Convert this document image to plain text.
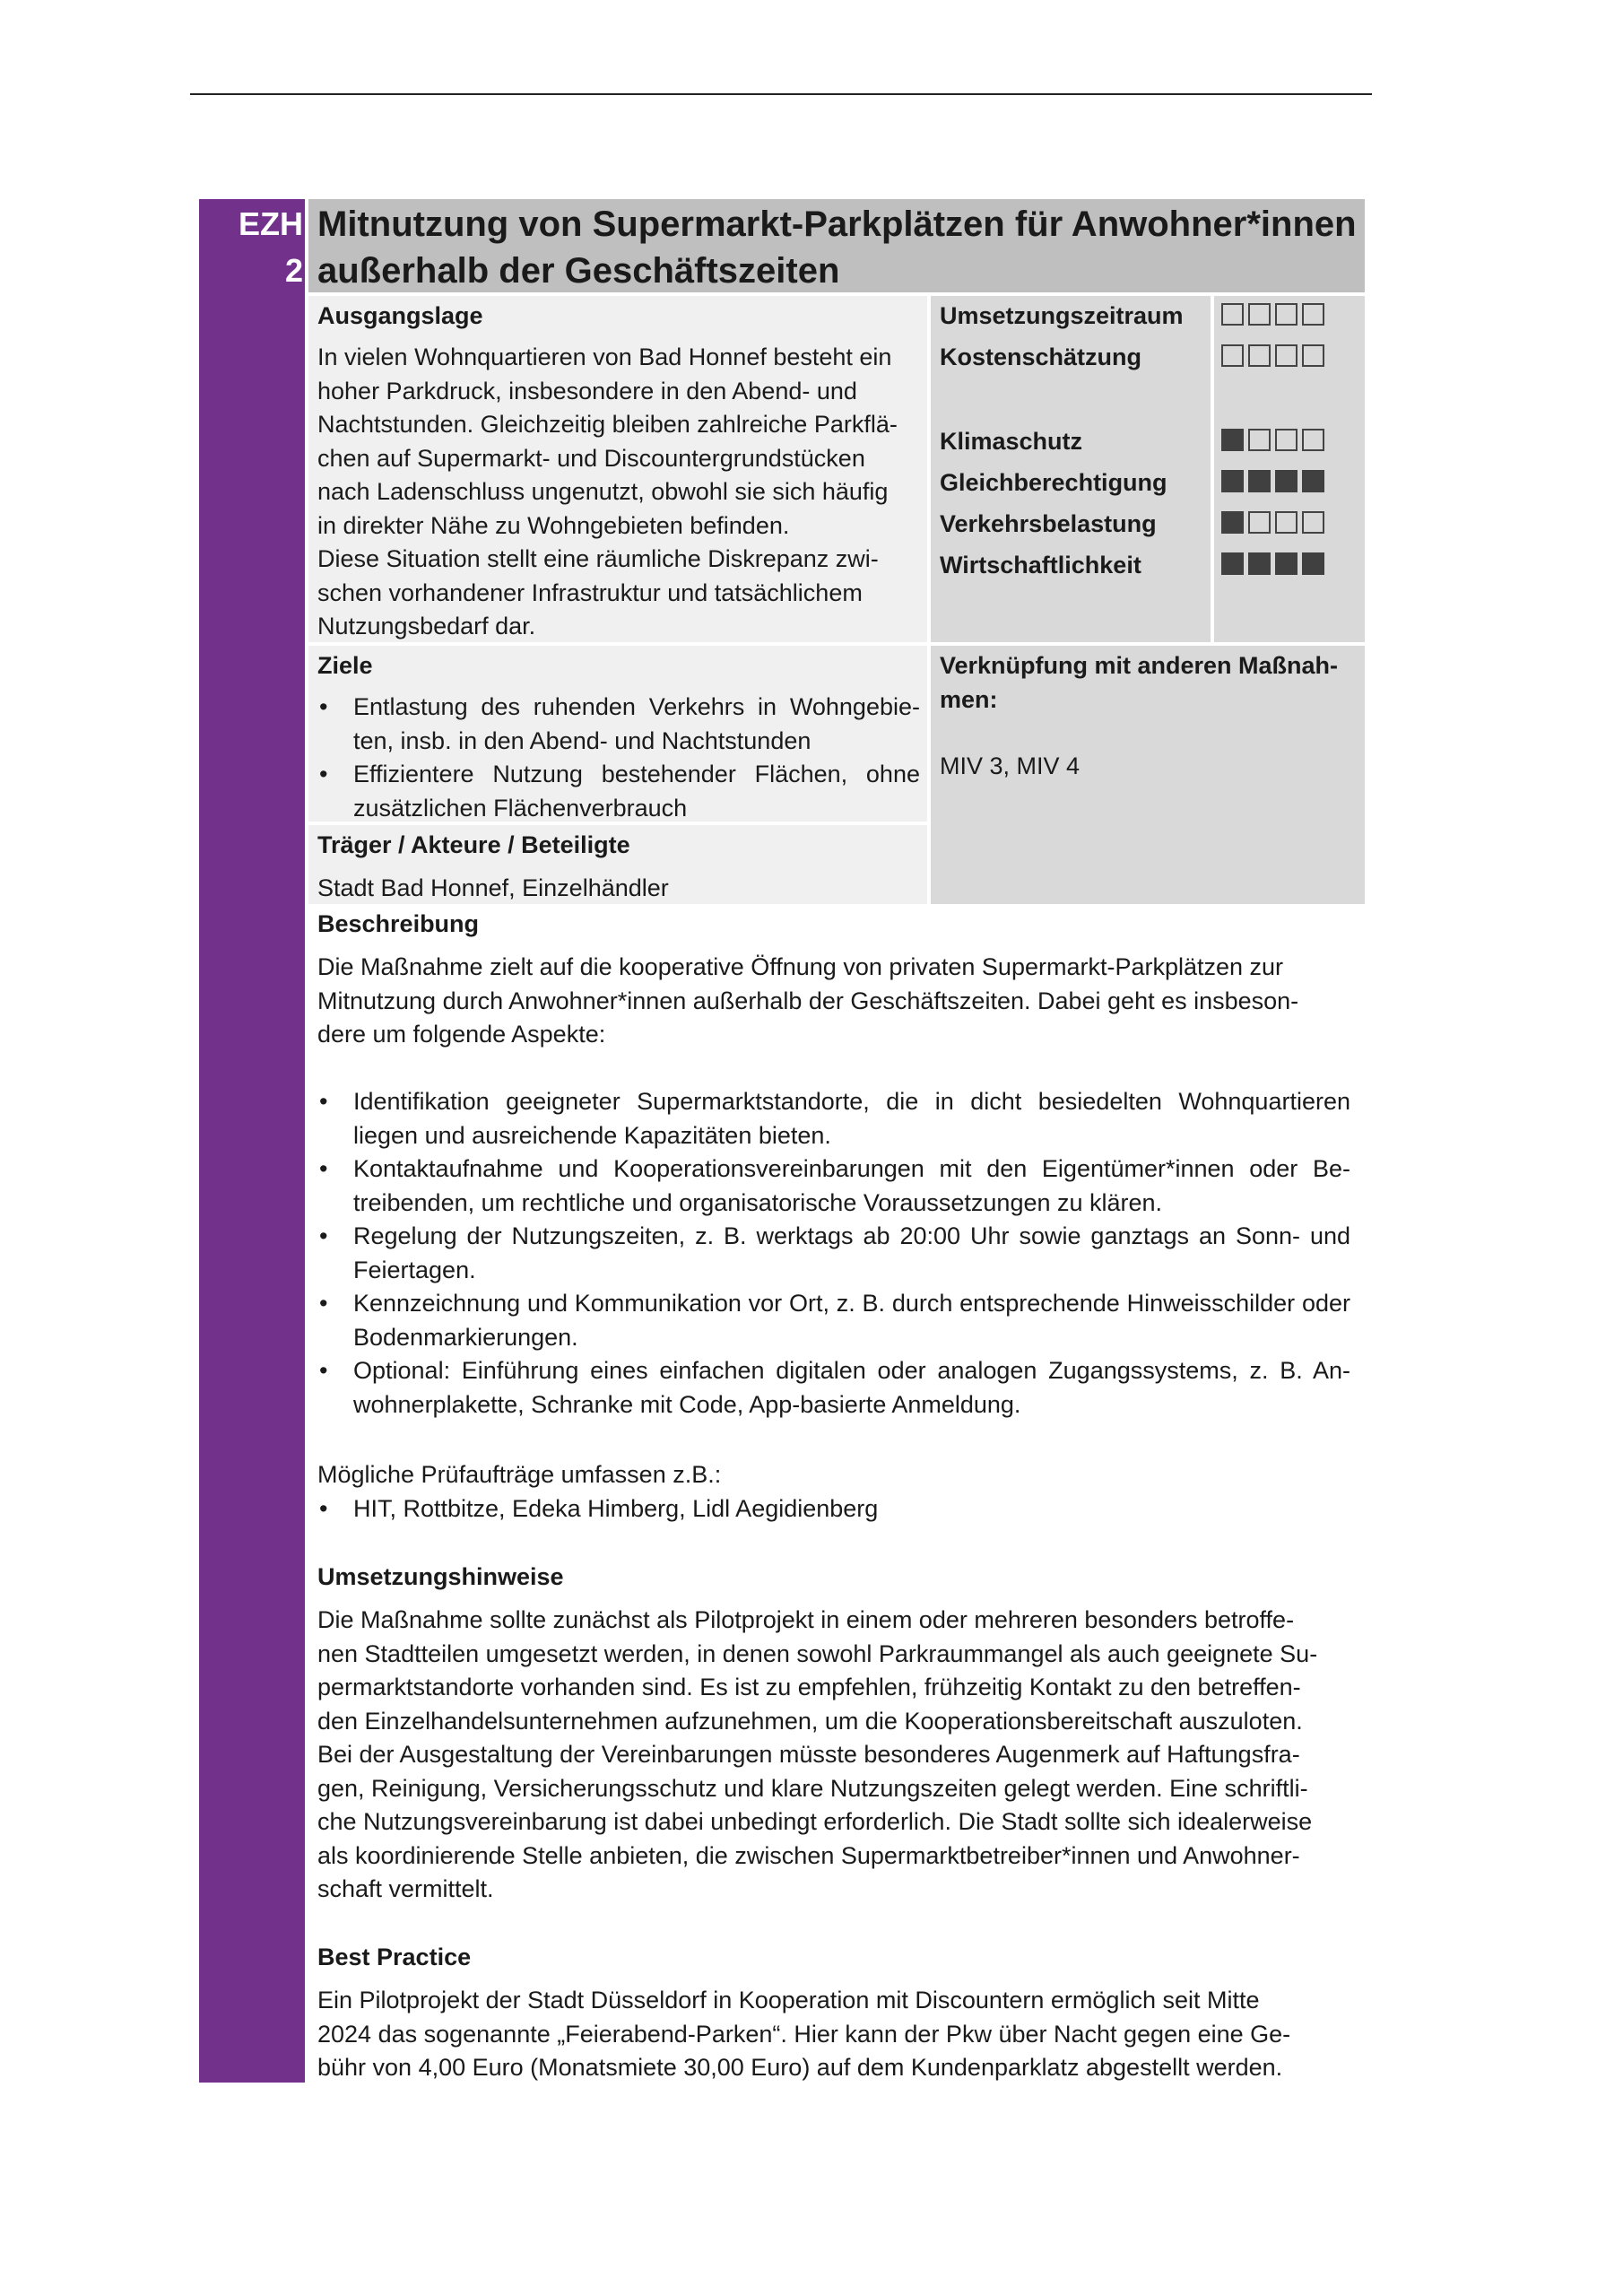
EZH
2
Mitnutzung von Supermarkt-Parkplätzen für Anwohner*innen
außerhalb der Geschäftszeiten
Ausgangslage
In vielen Wohnquartieren von Bad Honnef besteht ein
hoher Parkdruck, insbesondere in den Abend- und
Nachtstunden. Gleichzeitig bleiben zahlreiche Parkflä-
chen auf Supermarkt- und Discountergrundstücken
nach Ladenschluss ungenutzt, obwohl sie sich häufig
in direkter Nähe zu Wohngebieten befinden.
Diese Situation stellt eine räumliche Diskrepanz zwi-
schen vorhandener Infrastruktur und tatsächlichem
Nutzungsbedarf dar.
Umsetzungszeitraum
Kostenschätzung
Klimaschutz
Gleichberechtigung
Verkehrsbelastung
Wirtschaftlichkeit
Ziele
• Entlastung des ruhenden Verkehrs in Wohngebie- ten, insb. in den Abend- und Nachtstunden
• Effizientere Nutzung bestehender Flächen, ohne zusätzlichen Flächenverbrauch
Verknüpfung mit anderen Maßnah-
men:
MIV 3, MIV 4
Träger / Akteure / Beteiligte
Stadt Bad Honnef, Einzelhändler
Beschreibung
Die Maßnahme zielt auf die kooperative Öffnung von privaten Supermarkt-Parkplätzen zur
Mitnutzung durch Anwohner*innen außerhalb der Geschäftszeiten. Dabei geht es insbeson-
dere um folgende Aspekte:
• Identifikation geeigneter Supermarktstandorte, die in dicht besiedelten Wohnquartieren liegen und ausreichende Kapazitäten bieten.
• Kontaktaufnahme und Kooperationsvereinbarungen mit den Eigentümer*innen oder Be- treibenden, um rechtliche und organisatorische Voraussetzungen zu klären.
• Regelung der Nutzungszeiten, z. B. werktags ab 20:00 Uhr sowie ganztags an Sonn- und Feiertagen.
• Kennzeichnung und Kommunikation vor Ort, z. B. durch entsprechende Hinweisschilder oder Bodenmarkierungen.
• Optional: Einführung eines einfachen digitalen oder analogen Zugangssystems, z. B. An- wohnerplakette, Schranke mit Code, App-basierte Anmeldung.
Mögliche Prüfaufträge umfassen z.B.:
• HIT, Rottbitze, Edeka Himberg, Lidl Aegidienberg
Umsetzungshinweise
Die Maßnahme sollte zunächst als Pilotprojekt in einem oder mehreren besonders betroffe-
nen Stadtteilen umgesetzt werden, in denen sowohl Parkraummangel als auch geeignete Su-
permarktstandorte vorhanden sind. Es ist zu empfehlen, frühzeitig Kontakt zu den betreffen-
den Einzelhandelsunternehmen aufzunehmen, um die Kooperationsbereitschaft auszuloten.
Bei der Ausgestaltung der Vereinbarungen müsste besonderes Augenmerk auf Haftungsfra-
gen, Reinigung, Versicherungsschutz und klare Nutzungszeiten gelegt werden. Eine schriftli-
che Nutzungsvereinbarung ist dabei unbedingt erforderlich. Die Stadt sollte sich idealerweise
als koordinierende Stelle anbieten, die zwischen Supermarktbetreiber*innen und Anwohner-
schaft vermittelt.
Best Practice
Ein Pilotprojekt der Stadt Düsseldorf in Kooperation mit Discountern ermöglich seit Mitte
2024 das sogenannte „Feierabend-Parken“. Hier kann der Pkw über Nacht gegen eine Ge-
bühr von 4,00 Euro (Monatsmiete 30,00 Euro) auf dem Kundenparklatz abgestellt werden.
